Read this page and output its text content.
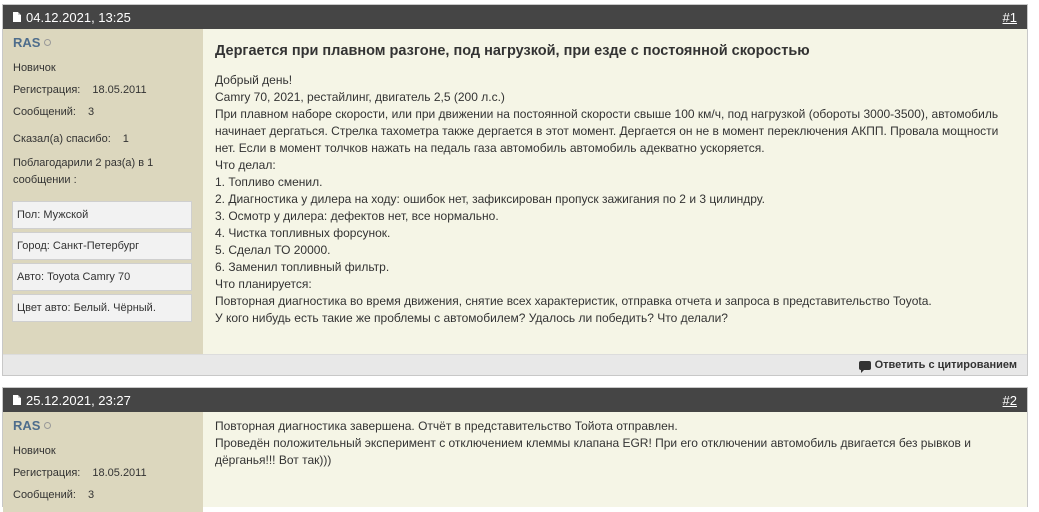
04.12.2021, 13:25	#1
RAS
Новичок
Регистрация: 18.05.2011
Сообщений: 3
Сказал(а) спасибо: 1
Поблагодарили 2 раз(а) в 1 сообщении :
Пол: Мужской
Город: Санкт-Петербург
Авто: Toyota Camry 70
Цвет авто: Белый. Чёрный.
Дергается при плавном разгоне, под нагрузкой, при езде с постоянной скоростью
Добрый день!
Camry 70, 2021, рестайлинг, двигатель 2,5 (200 л.с.)
При плавном наборе скорости, или при движении на постоянной скорости свыше 100 км/ч, под нагрузкой (обороты 3000-3500), автомобиль начинает дергаться. Стрелка тахометра также дергается в этот момент. Дергается он не в момент переключения АКПП. Провала мощности нет. Если в момент толчков нажать на педаль газа автомобиль автомобиль адекватно ускоряется.
Что делал:
1. Топливо сменил.
2. Диагностика у дилера на ходу: ошибок нет, зафиксирован пропуск зажигания по 2 и 3 цилиндру.
3. Осмотр у дилера: дефектов нет, все нормально.
4. Чистка топливных форсунок.
5. Сделал ТО 20000.
6. Заменил топливный фильтр.
Что планируется:
Повторная диагностика во время движения, снятие всех характеристик, отправка отчета и запроса в представительство Toyota.
У кого нибудь есть такие же проблемы с автомобилем? Удалось ли победить? Что делали?
Ответить с цитированием
25.12.2021, 23:27	#2
RAS
Новичок
Регистрация: 18.05.2011
Сообщений: 3
Повторная диагностика завершена. Отчёт в представительство Тойота отправлен.
Проведён положительный эксперимент с отключением клеммы клапана EGR! При его отключении автомобиль двигается без рывков и дёрганья!!! Вот так)))
